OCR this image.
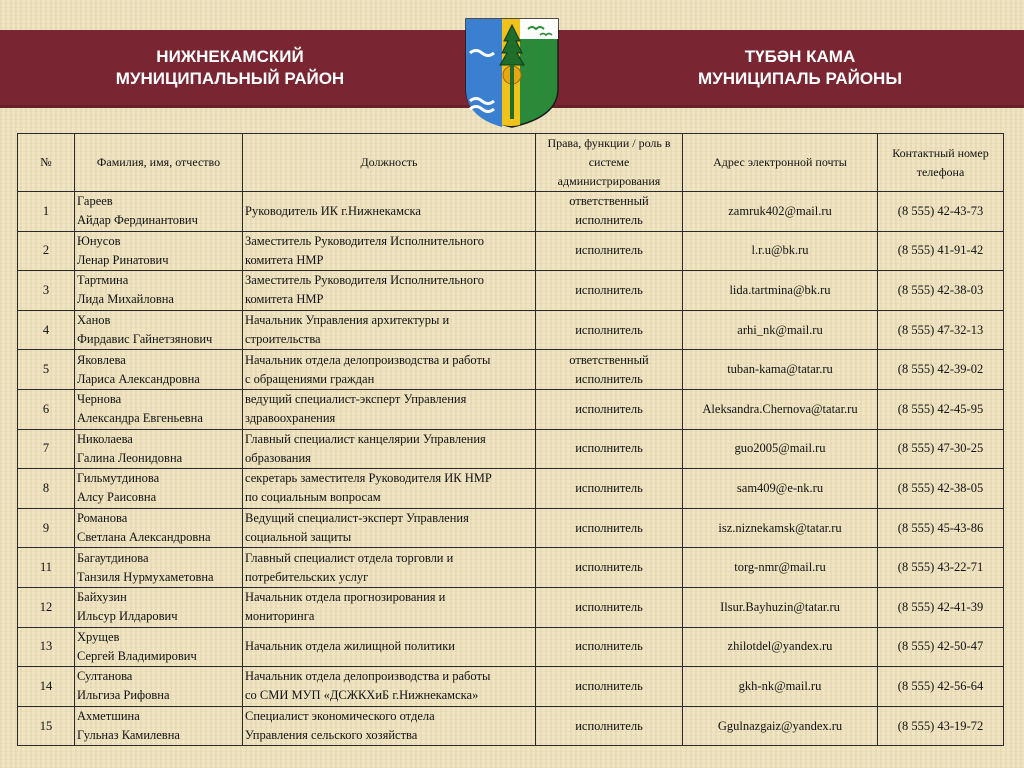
НИЖНЕКАМСКИЙ
МУНИЦИПАЛЬНЫЙ РАЙОН
ТҮБӘН КАМА
МУНИЦИПАЛЬ РАЙОНЫ
№	Фамилия, имя, отчество	Должность	Права, функции / роль в системе администрирования	Адрес электронной почты	Контактный номер телефона
1	Гареев
Айдар Фердинантович	Руководитель ИК г.Нижнекамска	ответственный
исполнитель	zamruk402@mail.ru	(8 555) 42-43-73
2	Юнусов
Ленар Ринатович	Заместитель Руководителя Исполнительного
комитета НМР	исполнитель	l.r.u@bk.ru	(8 555) 41-91-42
3	Тартмина
Лида Михайловна	Заместитель Руководителя Исполнительного
комитета НМР	исполнитель	lida.tartmina@bk.ru	(8 555) 42-38-03
4	Ханов
Фирдавис Гайнетзянович	Начальник Управления архитектуры и
строительства	исполнитель	arhi_nk@mail.ru	(8 555) 47-32-13
5	Яковлева
Лариса Александровна	Начальник отдела делопроизводства и работы
с обращениями граждан	ответственный
исполнитель	tuban-kama@tatar.ru	(8 555) 42-39-02
6	Чернова
Александра Евгеньевна	ведущий специалист-эксперт Управления
здравоохранения	исполнитель	Aleksandra.Chernova@tatar.ru	(8 555) 42-45-95
7	Николаева
Галина Леонидовна	Главный специалист канцелярии Управления
образования	исполнитель	guo2005@mail.ru	(8 555) 47-30-25
8	Гильмутдинова
Алсу Раисовна	секретарь заместителя Руководителя ИК НМР
по социальным вопросам	исполнитель	sam409@e-nk.ru	(8 555) 42-38-05
9	Романова
Светлана Александровна	Ведущий специалист-эксперт Управления
социальной защиты	исполнитель	isz.niznekamsk@tatar.ru	(8 555) 45-43-86
11	Багаутдинова
Танзиля Нурмухаметовна	Главный специалист отдела торговли и
потребительских услуг	исполнитель	torg-nmr@mail.ru	(8 555) 43-22-71
12	Байхузин
Ильсур Илдарович	Начальник отдела прогнозирования и
мониторинга	исполнитель	Ilsur.Bayhuzin@tatar.ru	(8 555) 42-41-39
13	Хрущев
Сергей Владимирович	Начальник отдела жилищной политики	исполнитель	zhilotdel@yandex.ru	(8 555) 42-50-47
14	Султанова
Ильгиза Рифовна	Начальник отдела делопроизводства и работы
со СМИ МУП «ДСЖКХиБ г.Нижнекамска»	исполнитель	gkh-nk@mail.ru	(8 555) 42-56-64
15	Ахметшина
Гульназ Камилевна	Специалист экономического отдела
Управления сельского хозяйства	исполнитель	Ggulnazgaiz@yandex.ru	(8 555) 43-19-72
